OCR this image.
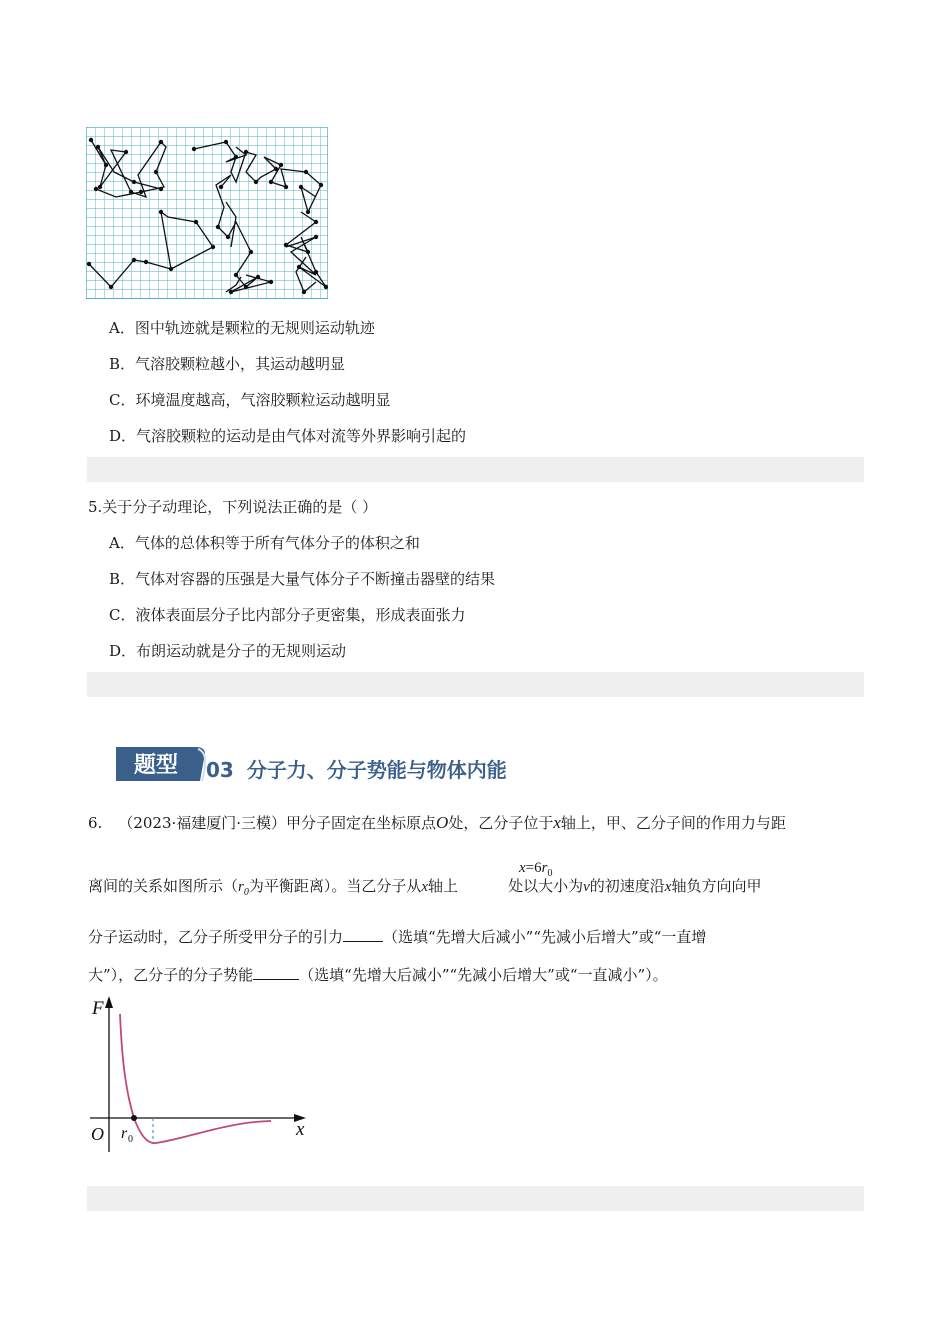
A．图中轨迹就是颗粒的无规则运动轨迹
B．气溶胶颗粒越小，其运动越明显
C．环境温度越高，气溶胶颗粒运动越明显
D．气溶胶颗粒的运动是由气体对流等外界影响引起的
5.关于分子动理论，下列说法正确的是（ ）
A．气体的总体积等于所有气体分子的体积之和
B．气体对容器的压强是大量气体分子不断撞击器壁的结果
C．液体表面层分子比内部分子更密集，形成表面张力
D．布朗运动就是分子的无规则运动
题型 03 分子力、分子势能与物体内能
6. （2023·福建厦门·三模）甲分子固定在坐标原点O处，乙分子位于x轴上，甲、乙分子间的作用力与距
$x=6r_0$
离间的关系如图所示（$r_0$为平衡距离）。当乙分子从x轴上	处以大小为v的初速度沿x轴负方向向甲
分子运动时，乙分子所受甲分子的引力	（选填“先增大后减小”“先减小后增大”或“一直增
大”），乙分子的分子势能	（选填“先增大后减小”“先减小后增大”或“一直减小”）。
F
x
O r 0
